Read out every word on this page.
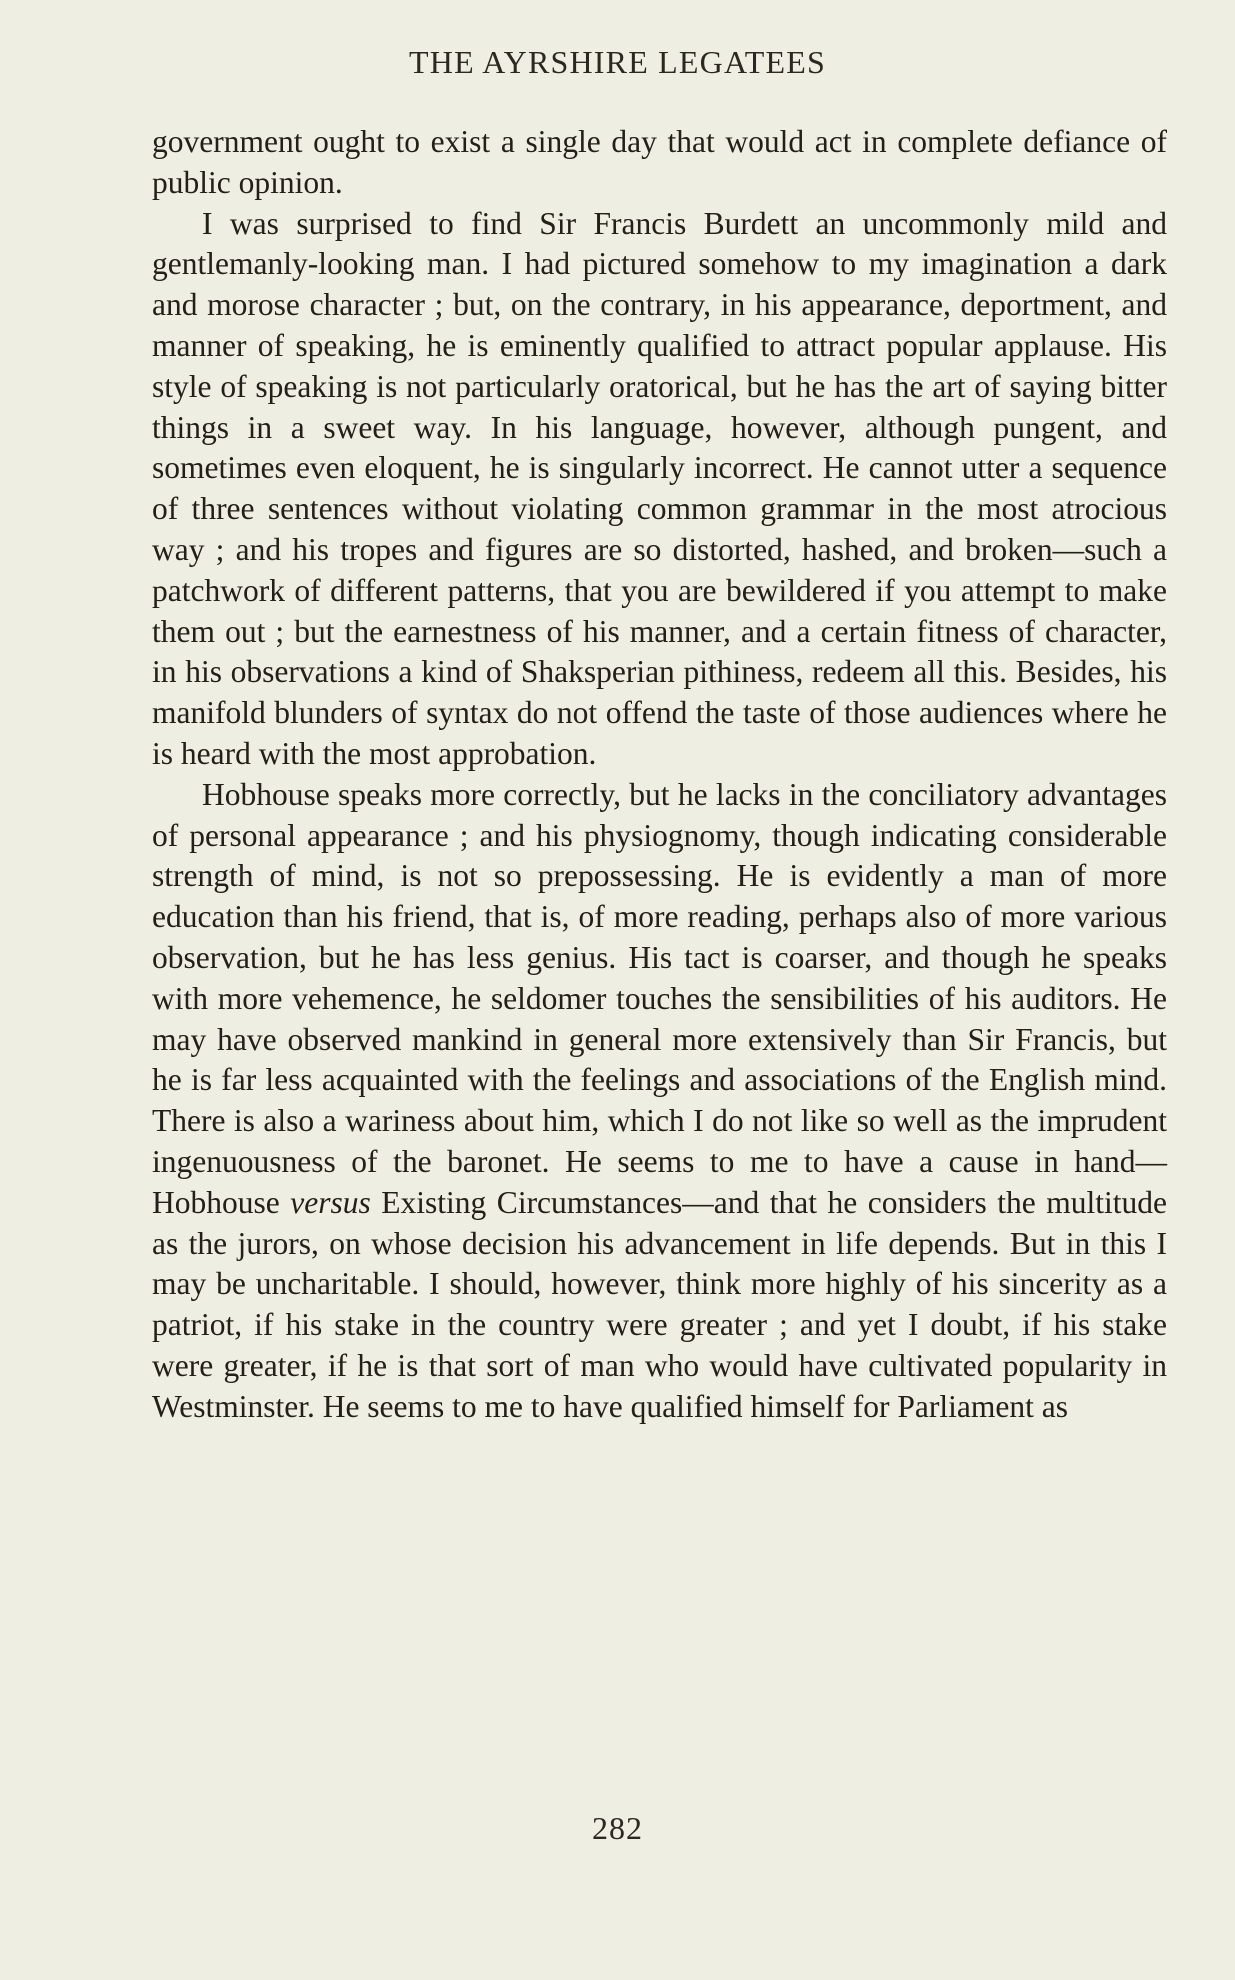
THE AYRSHIRE LEGATEES

government ought to exist a single day that would act in complete defiance of public opinion.

I was surprised to find Sir Francis Burdett an uncommonly mild and gentlemanly-looking man. I had pictured somehow to my imagination a dark and morose character ; but, on the contrary, in his appearance, deportment, and manner of speaking, he is eminently qualified to attract popular applause. His style of speaking is not particularly oratorical, but he has the art of saying bitter things in a sweet way. In his language, however, although pungent, and sometimes even eloquent, he is singularly incorrect. He cannot utter a sequence of three sentences without violating common grammar in the most atrocious way ; and his tropes and figures are so distorted, hashed, and broken—such a patchwork of different patterns, that you are bewildered if you attempt to make them out ; but the earnestness of his manner, and a certain fitness of character, in his observations a kind of Shaksperian pithiness, redeem all this. Besides, his manifold blunders of syntax do not offend the taste of those audiences where he is heard with the most approbation.

Hobhouse speaks more correctly, but he lacks in the conciliatory advantages of personal appearance ; and his physiognomy, though indicating considerable strength of mind, is not so prepossessing. He is evidently a man of more education than his friend, that is, of more reading, perhaps also of more various observation, but he has less genius. His tact is coarser, and though he speaks with more vehemence, he seldomer touches the sensibilities of his auditors. He may have observed mankind in general more extensively than Sir Francis, but he is far less acquainted with the feelings and associations of the English mind. There is also a wariness about him, which I do not like so well as the imprudent ingenuousness of the baronet. He seems to me to have a cause in hand—Hobhouse versus Existing Circumstances—and that he considers the multitude as the jurors, on whose decision his advancement in life depends. But in this I may be uncharitable. I should, however, think more highly of his sincerity as a patriot, if his stake in the country were greater ; and yet I doubt, if his stake were greater, if he is that sort of man who would have cultivated popularity in Westminster. He seems to me to have qualified himself for Parliament as

282
